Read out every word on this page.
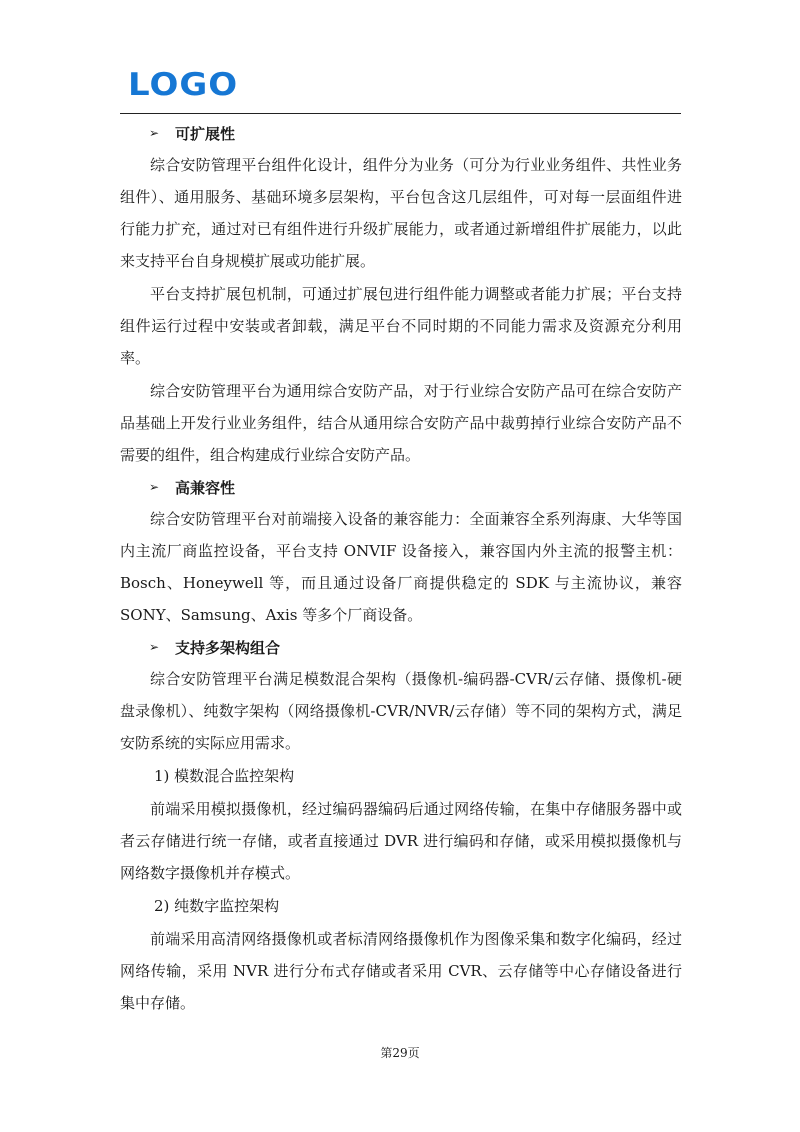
LOGO
➢	可扩展性

综合安防管理平台组件化设计，组件分为业务（可分为行业业务组件、共性业务组件）、通用服务、基础环境多层架构，平台包含这几层组件，可对每一层面组件进行能力扩充，通过对已有组件进行升级扩展能力，或者通过新增组件扩展能力，以此来支持平台自身规模扩展或功能扩展。

平台支持扩展包机制，可通过扩展包进行组件能力调整或者能力扩展；平台支持组件运行过程中安装或者卸载，满足平台不同时期的不同能力需求及资源充分利用率。

综合安防管理平台为通用综合安防产品，对于行业综合安防产品可在综合安防产品基础上开发行业业务组件，结合从通用综合安防产品中裁剪掉行业综合安防产品不需要的组件，组合构建成行业综合安防产品。

➢	高兼容性

综合安防管理平台对前端接入设备的兼容能力：全面兼容全系列海康、大华等国内主流厂商监控设备，平台支持 ONVIF 设备接入，兼容国内外主流的报警主机：Bosch、Honeywell 等，而且通过设备厂商提供稳定的 SDK 与主流协议，兼容 SONY、Samsung、Axis 等多个厂商设备。

➢	支持多架构组合

综合安防管理平台满足模数混合架构（摄像机-编码器-CVR/云存储、摄像机-硬盘录像机）、纯数字架构（网络摄像机-CVR/NVR/云存储）等不同的架构方式，满足安防系统的实际应用需求。

1) 模数混合监控架构

前端采用模拟摄像机，经过编码器编码后通过网络传输，在集中存储服务器中或者云存储进行统一存储，或者直接通过 DVR 进行编码和存储，或采用模拟摄像机与网络数字摄像机并存模式。

2) 纯数字监控架构

前端采用高清网络摄像机或者标清网络摄像机作为图像采集和数字化编码，经过网络传输，采用 NVR 进行分布式存储或者采用 CVR、云存储等中心存储设备进行集中存储。

第29页
